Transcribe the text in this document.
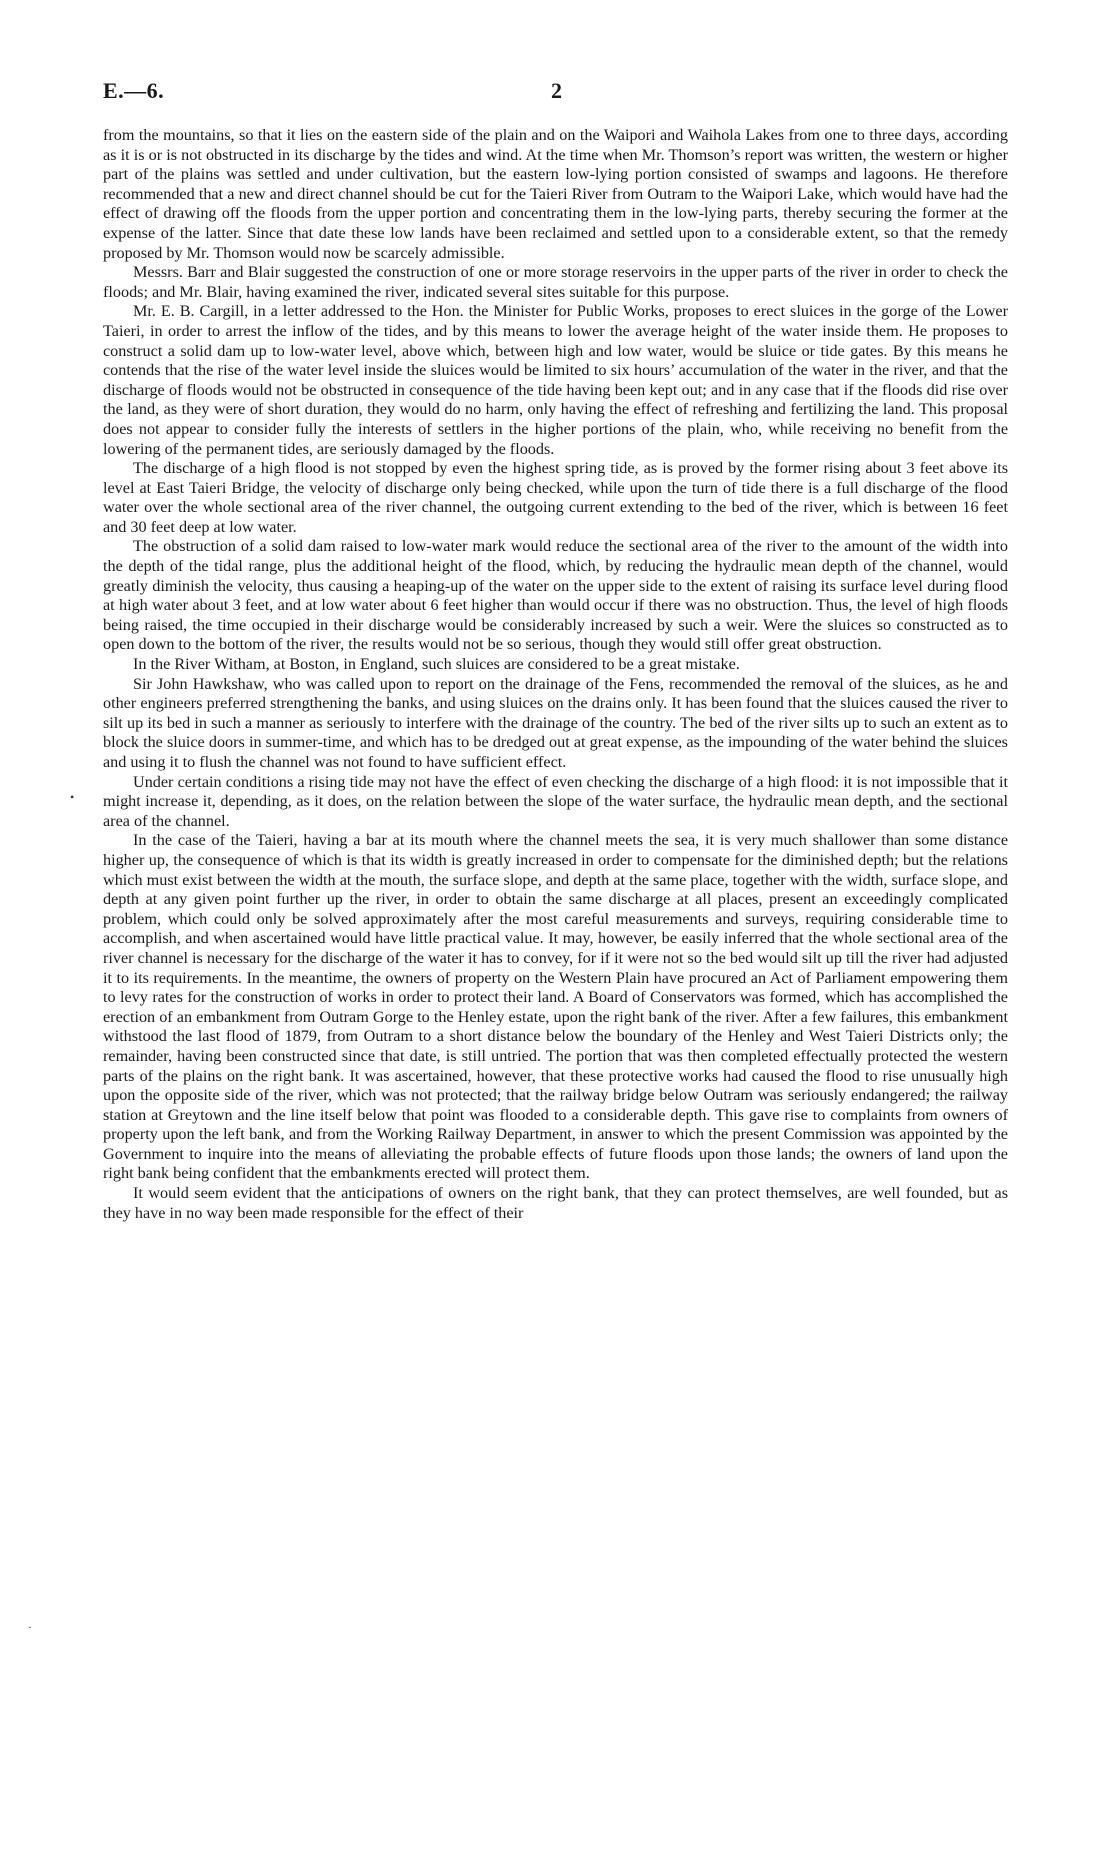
E.—6.	2

from the mountains, so that it lies on the eastern side of the plain and on the Waipori and Waihola Lakes from one to three days, according as it is or is not obstructed in its discharge by the tides and wind. At the time when Mr. Thomson’s report was written, the western or higher part of the plains was settled and under cultivation, but the eastern low-lying portion consisted of swamps and lagoons. He therefore recommended that a new and direct channel should be cut for the Taieri River from Outram to the Waipori Lake, which would have had the effect of drawing off the floods from the upper portion and concentrating them in the low-lying parts, thereby securing the former at the expense of the latter. Since that date these low lands have been reclaimed and settled upon to a considerable extent, so that the remedy proposed by Mr. Thomson would now be scarcely admissible.

Messrs. Barr and Blair suggested the construction of one or more storage reservoirs in the upper parts of the river in order to check the floods; and Mr. Blair, having examined the river, indicated several sites suitable for this purpose.

Mr. E. B. Cargill, in a letter addressed to the Hon. the Minister for Public Works, proposes to erect sluices in the gorge of the Lower Taieri, in order to arrest the inflow of the tides, and by this means to lower the average height of the water inside them. He proposes to construct a solid dam up to low-water level, above which, between high and low water, would be sluice or tide gates. By this means he contends that the rise of the water level inside the sluices would be limited to six hours’ accumulation of the water in the river, and that the discharge of floods would not be obstructed in consequence of the tide having been kept out; and in any case that if the floods did rise over the land, as they were of short duration, they would do no harm, only having the effect of refreshing and fertilizing the land. This proposal does not appear to consider fully the interests of settlers in the higher portions of the plain, who, while receiving no benefit from the lowering of the permanent tides, are seriously damaged by the floods.

The discharge of a high flood is not stopped by even the highest spring tide, as is proved by the former rising about 3 feet above its level at East Taieri Bridge, the velocity of discharge only being checked, while upon the turn of tide there is a full discharge of the flood water over the whole sectional area of the river channel, the outgoing current extending to the bed of the river, which is between 16 feet and 30 feet deep at low water.

The obstruction of a solid dam raised to low-water mark would reduce the sectional area of the river to the amount of the width into the depth of the tidal range, plus the additional height of the flood, which, by reducing the hydraulic mean depth of the channel, would greatly diminish the velocity, thus causing a heaping-up of the water on the upper side to the extent of raising its surface level during flood at high water about 3 feet, and at low water about 6 feet higher than would occur if there was no obstruction. Thus, the level of high floods being raised, the time occupied in their discharge would be considerably increased by such a weir. Were the sluices so constructed as to open down to the bottom of the river, the results would not be so serious, though they would still offer great obstruction.

In the River Witham, at Boston, in England, such sluices are considered to be a great mistake.

Sir John Hawkshaw, who was called upon to report on the drainage of the Fens, recommended the removal of the sluices, as he and other engineers preferred strengthening the banks, and using sluices on the drains only. It has been found that the sluices caused the river to silt up its bed in such a manner as seriously to interfere with the drainage of the country. The bed of the river silts up to such an extent as to block the sluice doors in summer-time, and which has to be dredged out at great expense, as the impounding of the water behind the sluices and using it to flush the channel was not found to have sufficient effect.

Under certain conditions a rising tide may not have the effect of even checking the discharge of a high flood: it is not impossible that it might increase it, depending, as it does, on the relation between the slope of the water surface, the hydraulic mean depth, and the sectional area of the channel.

In the case of the Taieri, having a bar at its mouth where the channel meets the sea, it is very much shallower than some distance higher up, the consequence of which is that its width is greatly increased in order to compensate for the diminished depth; but the relations which must exist between the width at the mouth, the surface slope, and depth at the same place, together with the width, surface slope, and depth at any given point further up the river, in order to obtain the same discharge at all places, present an exceedingly complicated problem, which could only be solved approximately after the most careful measurements and surveys, requiring considerable time to accomplish, and when ascertained would have little practical value. It may, however, be easily inferred that the whole sectional area of the river channel is necessary for the discharge of the water it has to convey, for if it were not so the bed would silt up till the river had adjusted it to its requirements. In the meantime, the owners of property on the Western Plain have procured an Act of Parliament empowering them to levy rates for the construction of works in order to protect their land. A Board of Conservators was formed, which has accomplished the erection of an embankment from Outram Gorge to the Henley estate, upon the right bank of the river. After a few failures, this embankment withstood the last flood of 1879, from Outram to a short distance below the boundary of the Henley and West Taieri Districts only; the remainder, having been constructed since that date, is still untried. The portion that was then completed effectually protected the western parts of the plains on the right bank. It was ascertained, however, that these protective works had caused the flood to rise unusually high upon the opposite side of the river, which was not protected; that the railway bridge below Outram was seriously endangered; the railway station at Greytown and the line itself below that point was flooded to a considerable depth. This gave rise to complaints from owners of property upon the left bank, and from the Working Railway Department, in answer to which the present Commission was appointed by the Government to inquire into the means of alleviating the probable effects of future floods upon those lands; the owners of land upon the right bank being confident that the embankments erected will protect them.

It would seem evident that the anticipations of owners on the right bank, that they can protect themselves, are well founded, but as they have in no way been made responsible for the effect of their

•
·
